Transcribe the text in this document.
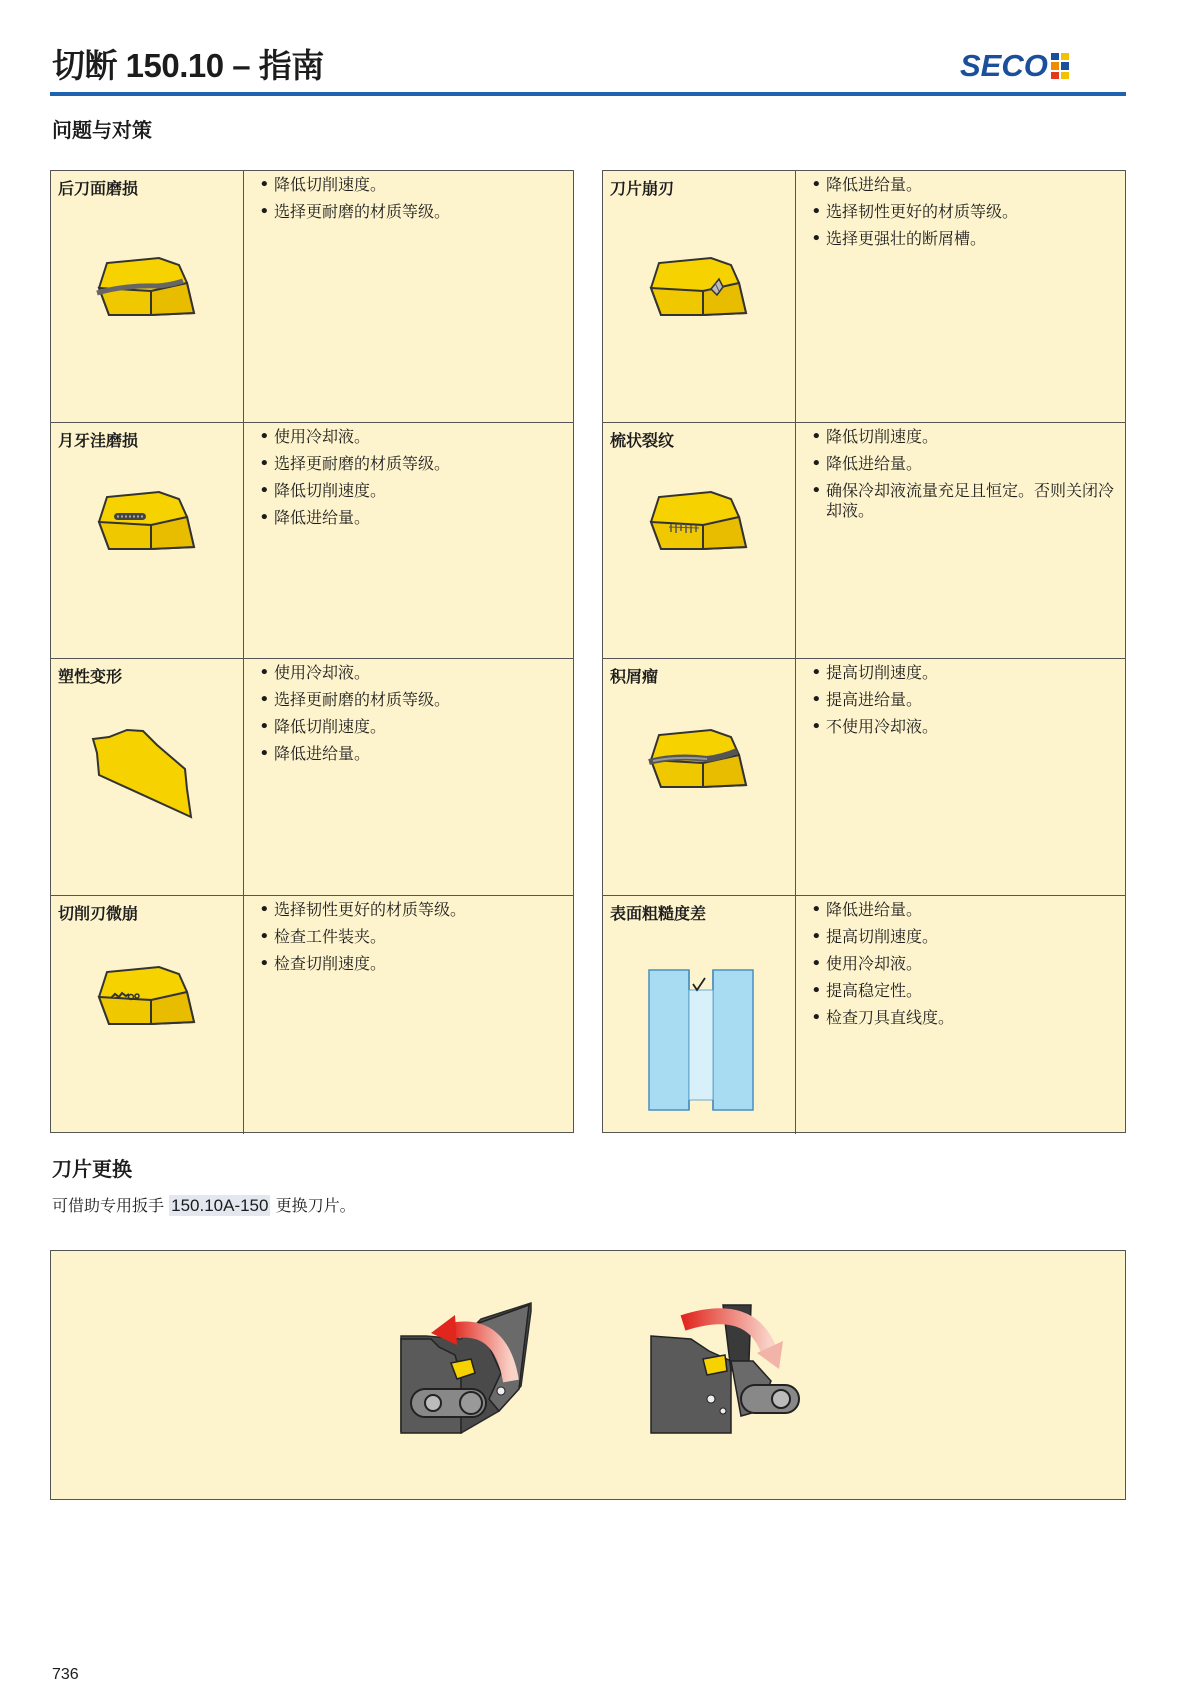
切断 150.10 – 指南	SECO
问题与对策
后刀面磨损	• 降低切削速度。
• 选择更耐磨的材质等级。
月牙洼磨损	• 使用冷却液。
• 选择更耐磨的材质等级。
• 降低切削速度。
• 降低进给量。
塑性变形	• 使用冷却液。
• 选择更耐磨的材质等级。
• 降低切削速度。
• 降低进给量。
切削刃微崩	• 选择韧性更好的材质等级。
• 检查工件装夹。
• 检查切削速度。
刀片崩刃	• 降低进给量。
• 选择韧性更好的材质等级。
• 选择更强壮的断屑槽。
梳状裂纹	• 降低切削速度。
• 降低进给量。
• 确保冷却液流量充足且恒定。否则关闭冷却液。
积屑瘤	• 提高切削速度。
• 提高进给量。
• 不使用冷却液。
表面粗糙度差	• 降低进给量。
• 提高切削速度。
• 使用冷却液。
• 提高稳定性。
• 检查刀具直线度。
刀片更换
可借助专用扳手 150.10A-150 更换刀片。
736
